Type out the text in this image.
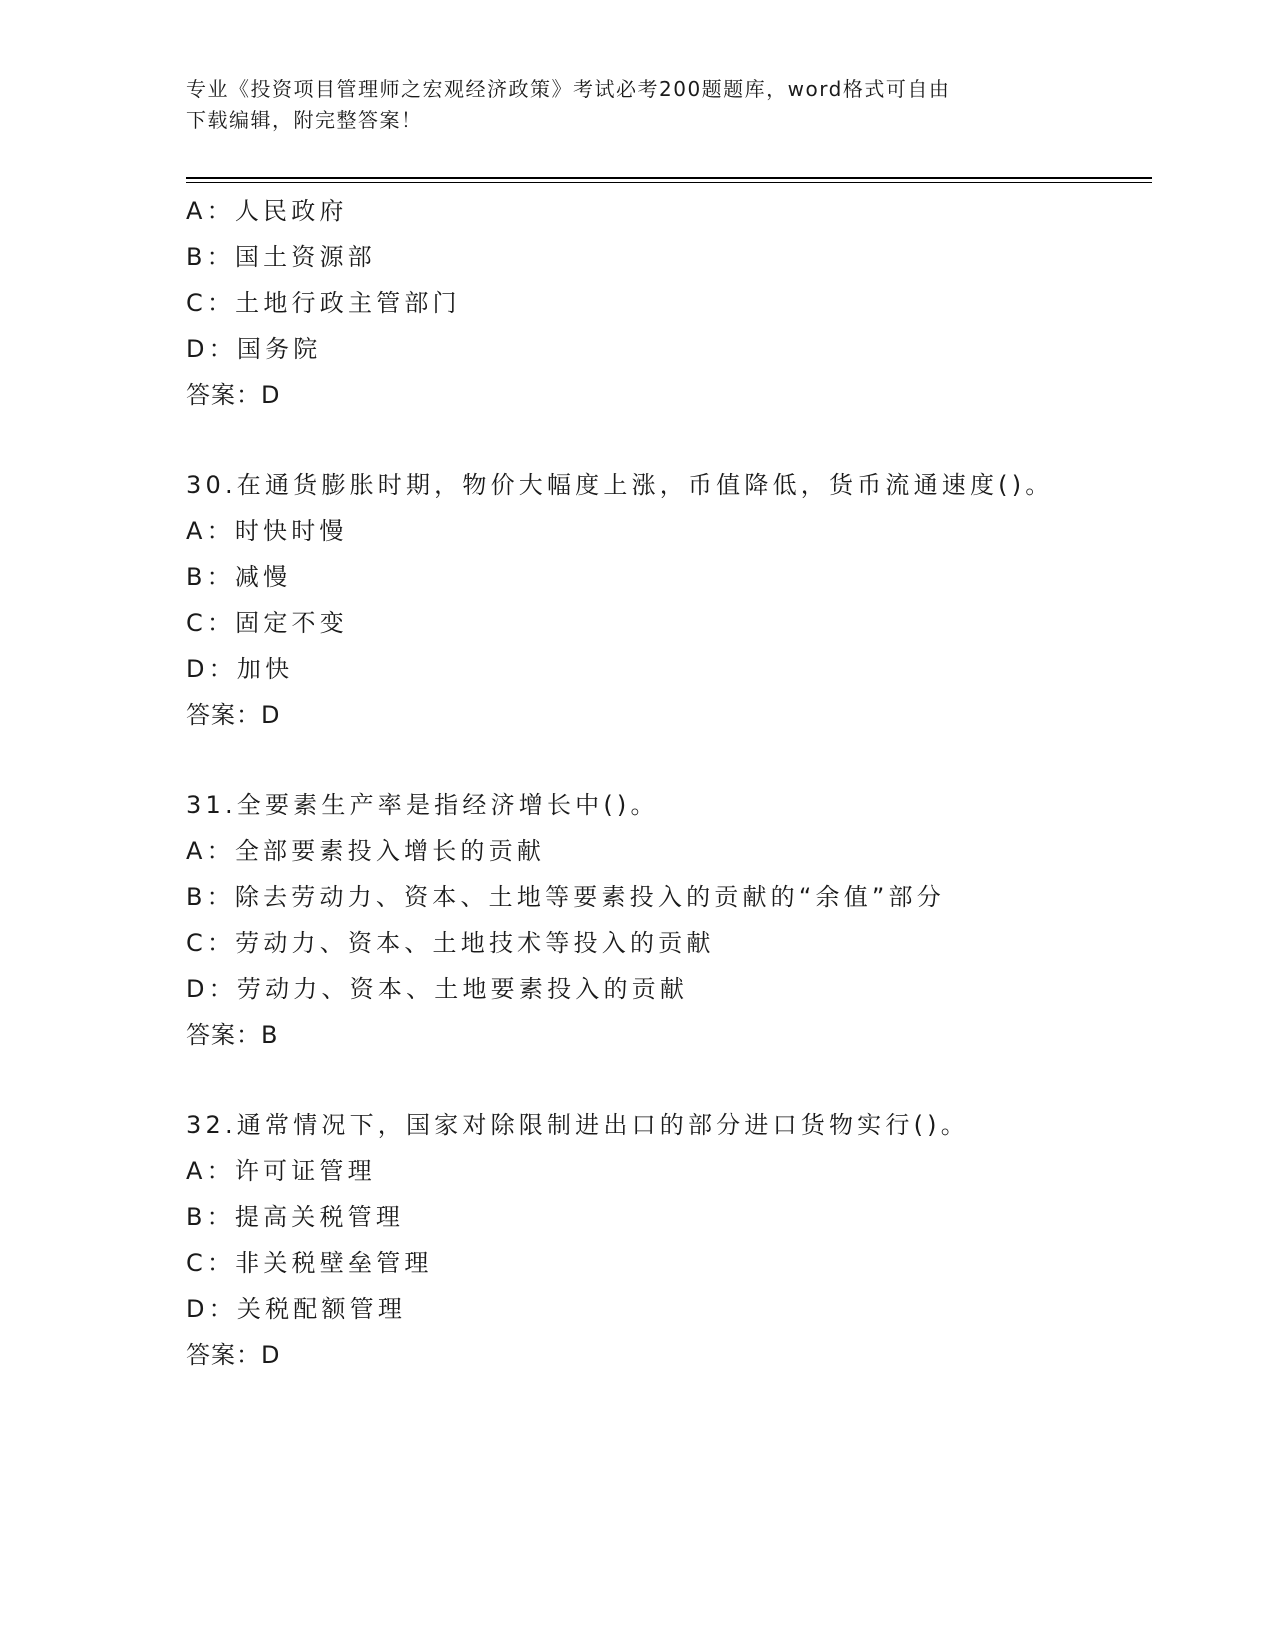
专业《投资项目管理师之宏观经济政策》考试必考200题题库，word格式可自由
下载编辑，附完整答案！
A：人民政府
B：国土资源部
C：土地行政主管部门
D：国务院
答案：D
30.在通货膨胀时期，物价大幅度上涨，币值降低，货币流通速度()。
A：时快时慢
B：减慢
C：固定不变
D：加快
答案：D
31.全要素生产率是指经济增长中()。
A：全部要素投入增长的贡献
B：除去劳动力、资本、土地等要素投入的贡献的“余值”部分
C：劳动力、资本、土地技术等投入的贡献
D：劳动力、资本、土地要素投入的贡献
答案：B
32.通常情况下，国家对除限制进出口的部分进口货物实行()。
A：许可证管理
B：提高关税管理
C：非关税壁垒管理
D：关税配额管理
答案：D
